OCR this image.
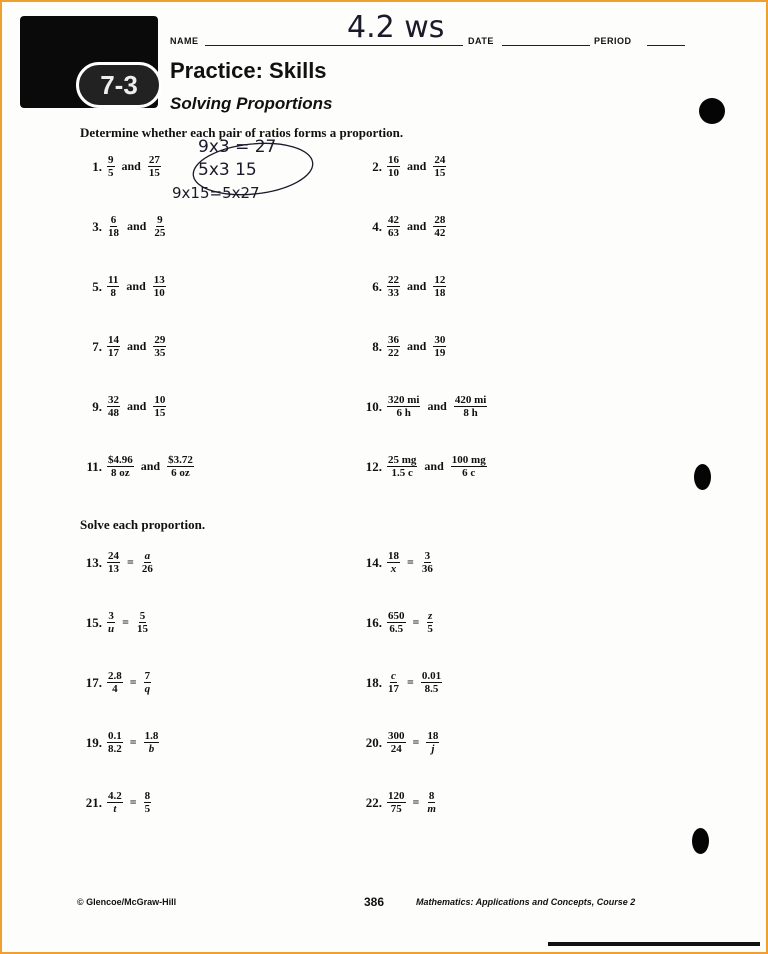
7-3
NAME	4.2 ws	DATE	PERIOD
Practice: Skills
Solving Proportions
9x3 = 27
5x3 15
9x15=5x27
Determine whether each pair of ratios forms a proportion.
1. $\frac{9}{5}$ and $\frac{27}{15}$	2. $\frac{16}{10}$ and $\frac{24}{15}$
3. $\frac{6}{18}$ and $\frac{9}{25}$	4. $\frac{42}{63}$ and $\frac{28}{42}$
5. $\frac{11}{8}$ and $\frac{13}{10}$	6. $\frac{22}{33}$ and $\frac{12}{18}$
7. $\frac{14}{17}$ and $\frac{29}{35}$	8. $\frac{36}{22}$ and $\frac{30}{19}$
9. $\frac{32}{48}$ and $\frac{10}{15}$	10. $\frac{320 mi}{6 h}$ and $\frac{420 mi}{8 h}$
11. $\frac{\$4.96}{8 oz}$ and $\frac{\$3.72}{6 oz}$	12. $\frac{25 mg}{1.5 c}$ and $\frac{100 mg}{6 c}$
Solve each proportion.
13. $\frac{24}{13} = \frac{a}{26}$	14. $\frac{18}{x} = \frac{3}{36}$
15. $\frac{3}{u} = \frac{5}{15}$	16. $\frac{650}{6.5} = \frac{z}{5}$
17. $\frac{2.8}{4} = \frac{7}{q}$	18. $\frac{c}{17} = \frac{0.01}{8.5}$
19. $\frac{0.1}{8.2} = \frac{1.8}{b}$	20. $\frac{300}{24} = \frac{18}{j}$
21. $\frac{4.2}{t} = \frac{8}{5}$	22. $\frac{120}{75} = \frac{8}{m}$
© Glencoe/McGraw-Hill	386	Mathematics: Applications and Concepts, Course 2
